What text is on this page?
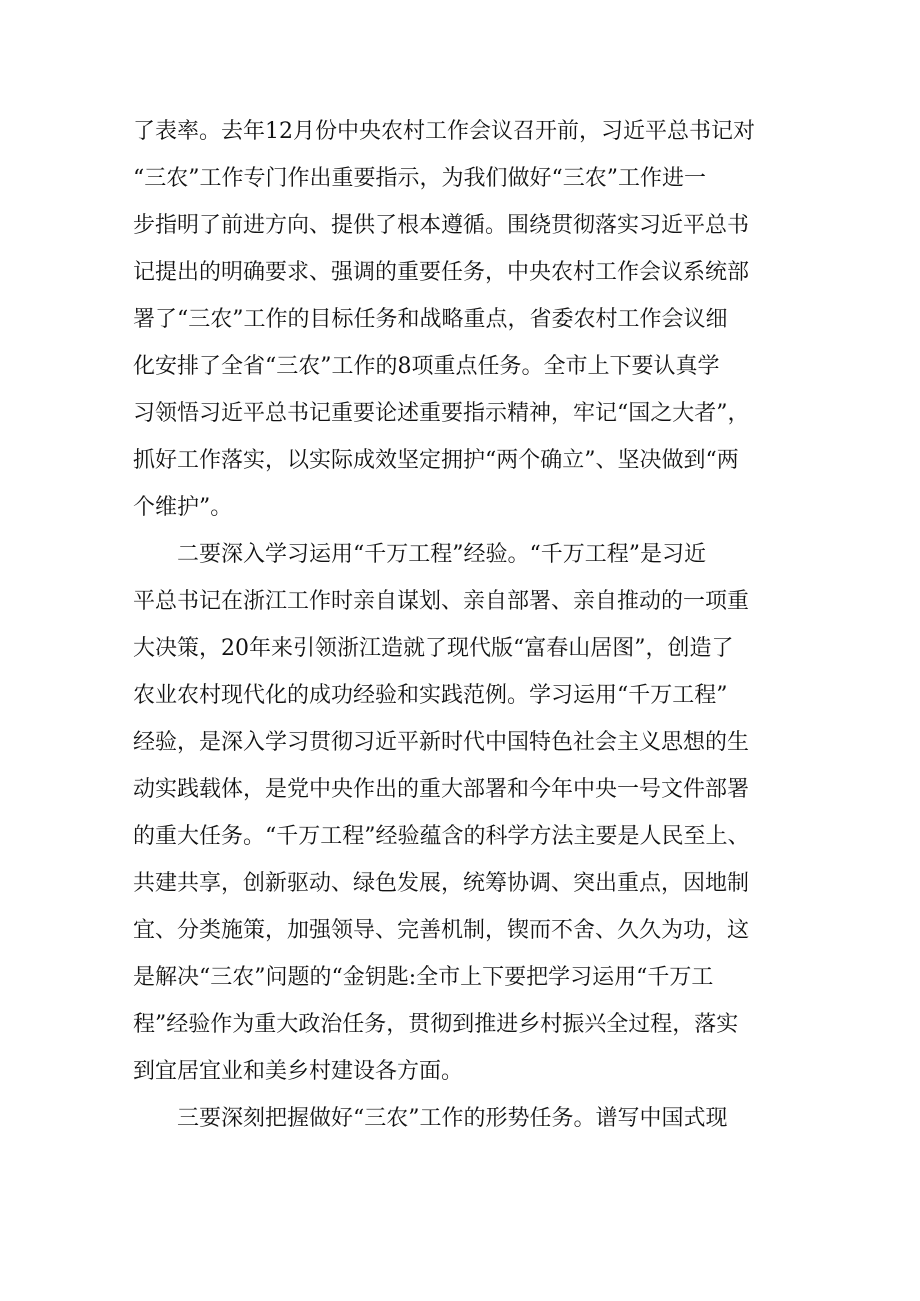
了表率。去年12月份中央农村工作会议召开前，习近平总书记对
“三农”工作专门作出重要指示，为我们做好“三农”工作进一
步指明了前进方向、提供了根本遵循。围绕贯彻落实习近平总书
记提出的明确要求、强调的重要任务，中央农村工作会议系统部
署了“三农”工作的目标任务和战略重点，省委农村工作会议细
化安排了全省“三农”工作的8项重点任务。全市上下要认真学
习领悟习近平总书记重要论述重要指示精神，牢记“国之大者”，
抓好工作落实，以实际成效坚定拥护“两个确立”、坚决做到“两
个维护”。
二要深入学习运用“千万工程”经验。“千万工程”是习近
平总书记在浙江工作时亲自谋划、亲自部署、亲自推动的一项重
大决策，20年来引领浙江造就了现代版“富春山居图”，创造了
农业农村现代化的成功经验和实践范例。学习运用“千万工程”
经验，是深入学习贯彻习近平新时代中国特色社会主义思想的生
动实践载体，是党中央作出的重大部署和今年中央一号文件部署
的重大任务。“千万工程”经验蕴含的科学方法主要是人民至上、
共建共享，创新驱动、绿色发展，统筹协调、突出重点，因地制
宜、分类施策，加强领导、完善机制，锲而不舍、久久为功，这
是解决“三农”问题的“金钥匙:全市上下要把学习运用“千万工
程”经验作为重大政治任务，贯彻到推进乡村振兴全过程，落实
到宜居宜业和美乡村建设各方面。
三要深刻把握做好“三农”工作的形势任务。谱写中国式现
